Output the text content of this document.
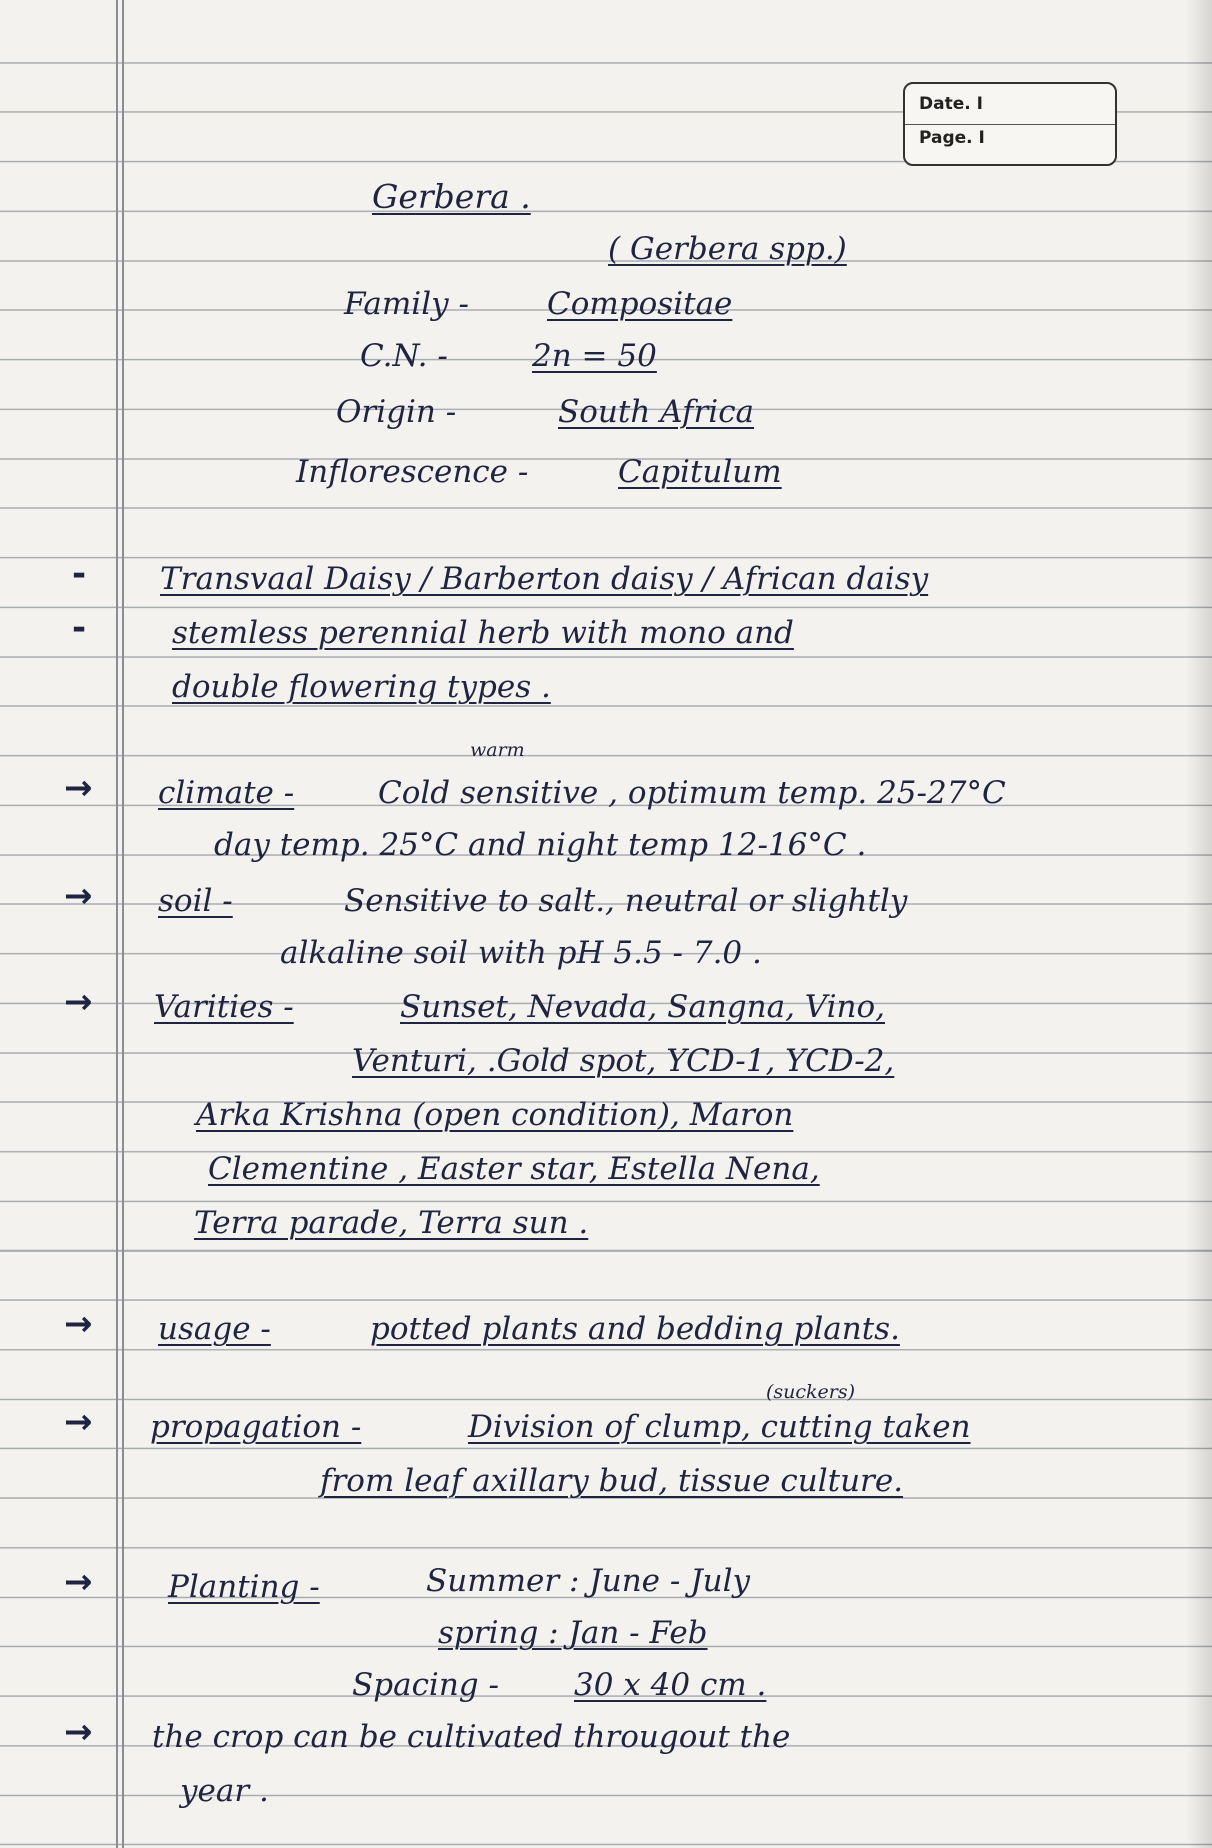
Date. I
Page. I
Gerbera .
( Gerbera spp.)
Family -	Compositae
C.N. -	2n = 50
Origin -	South Africa
Inflorescence -	Capitulum
- Transvaal Daisy / Barberton daisy / African daisy
-	stemless perennial herb with mono and
double flowering types .
warm
→ climate -	Cold sensitive , optimum temp. 25-27°C
day temp. 25°C and night temp 12-16°C .
→ soil -	Sensitive to salt., neutral or slightly
alkaline soil with pH 5.5 - 7.0 .
→ Varities -	Sunset, Nevada, Sangna, Vino,
Venturi, .Gold spot, YCD-1, YCD-2,
Arka Krishna (open condition), Maron
Clementine , Easter star, Estella Nena,
Terra parade, Terra sun .
→ usage -	potted plants and bedding plants.
(suckers)
→ propagation -	Division of clump, cutting taken
from leaf axillary bud, tissue culture.
→ Planting -	Summer : June - July
spring : Jan - Feb
Spacing - 30 x 40 cm .
→ the crop can be cultivated througout the
year .
